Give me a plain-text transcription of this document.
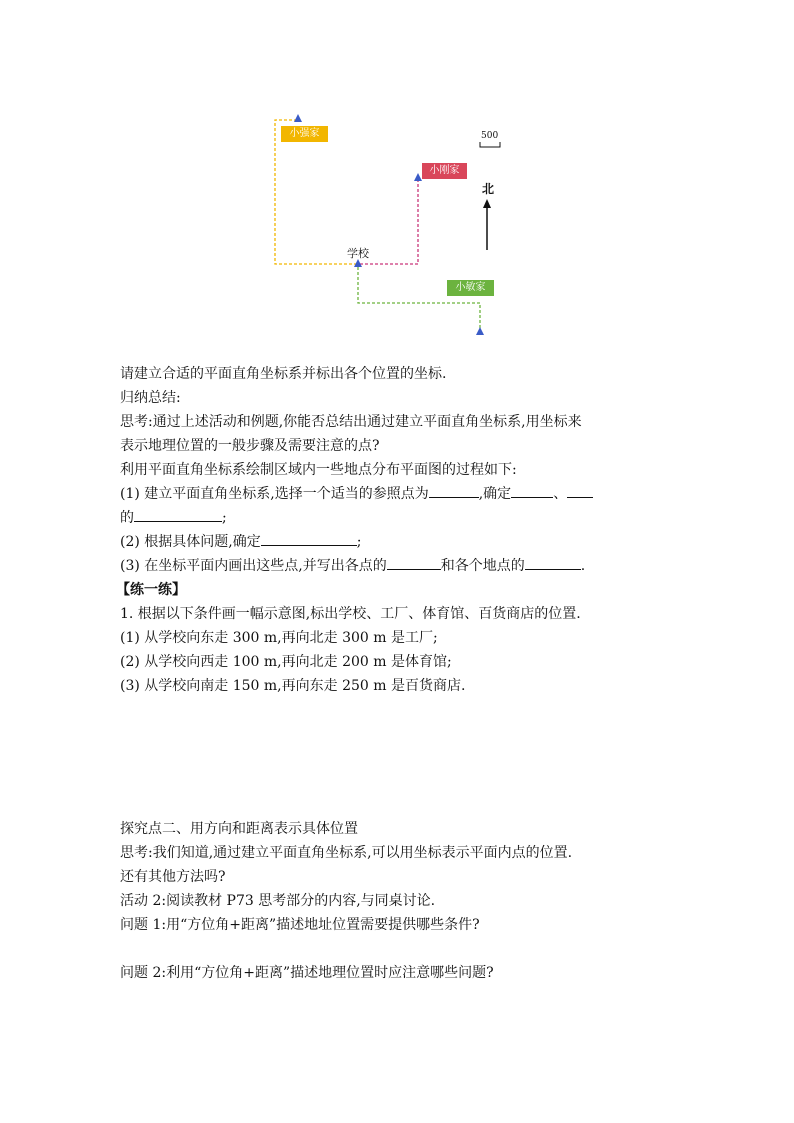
小强家
小刚家
小敏家
学校
北
500
请建立合适的平面直角坐标系并标出各个位置的坐标.
归纳总结:
思考:通过上述活动和例题,你能否总结出通过建立平面直角坐标系,用坐标来
表示地理位置的一般步骤及需要注意的点?
利用平面直角坐标系绘制区域内一些地点分布平面图的过程如下:
(1) 建立平面直角坐标系,选择一个适当的参照点为	,确定	、
的	;
(2) 根据具体问题,确定	;
(3) 在坐标平面内画出这些点,并写出各点的	和各个地点的	.
【练一练】
1. 根据以下条件画一幅示意图,标出学校、工厂、体育馆、百货商店的位置.
(1) 从学校向东走 300 m,再向北走 300 m 是工厂;
(2) 从学校向西走 100 m,再向北走 200 m 是体育馆;
(3) 从学校向南走 150 m,再向东走 250 m 是百货商店.
探究点二、用方向和距离表示具体位置
思考:我们知道,通过建立平面直角坐标系,可以用坐标表示平面内点的位置.
还有其他方法吗?
活动 2:阅读教材 P73 思考部分的内容,与同桌讨论.
问题 1:用“方位角+距离”描述地址位置需要提供哪些条件?
问题 2:利用“方位角+距离”描述地理位置时应注意哪些问题?
